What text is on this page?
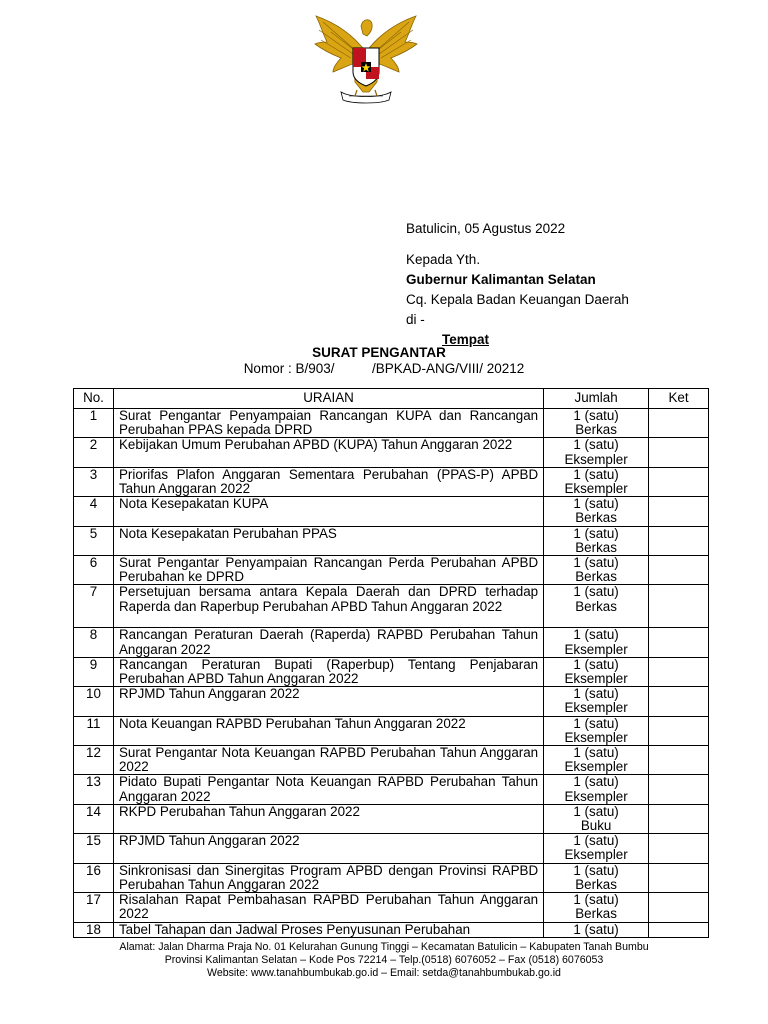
Batulicin, 05 Agustus 2022
Kepada Yth.
Gubernur Kalimantan Selatan
Cq. Kepala Badan Keuangan Daerah
di -
Tempat
SURAT PENGANTAR
Nomor : B/903/          /BPKAD-ANG/VIII/ 20212
No.	URAIAN	Jumlah	Ket
1	Surat Pengantar Penyampaian Rancangan KUPA dan Rancangan Perubahan PPAS kepada DPRD	1 (satu)
Berkas	
2	Kebijakan Umum Perubahan APBD (KUPA) Tahun Anggaran 2022	1 (satu)
Eksempler	
3	Priorifas Plafon Anggaran Sementara Perubahan (PPAS-P) APBD Tahun Anggaran 2022	1 (satu)
Eksempler	
4	Nota Kesepakatan KUPA	1 (satu)
Berkas	
5	Nota Kesepakatan Perubahan PPAS	1 (satu)
Berkas	
6	Surat Pengantar Penyampaian Rancangan Perda Perubahan APBD Perubahan ke DPRD	1 (satu)
Berkas	
7	Persetujuan bersama antara Kepala Daerah dan DPRD terhadap Raperda dan Raperbup Perubahan APBD Tahun Anggaran 2022	1 (satu)
Berkas	
8	Rancangan Peraturan Daerah (Raperda) RAPBD Perubahan Tahun Anggaran 2022	1 (satu)
Eksempler	
9	Rancangan Peraturan Bupati (Raperbup) Tentang Penjabaran Perubahan APBD Tahun Anggaran 2022	1 (satu)
Eksempler	
10	RPJMD Tahun Anggaran 2022	1 (satu)
Eksempler	
11	Nota Keuangan RAPBD Perubahan Tahun Anggaran 2022	1 (satu)
Eksempler	
12	Surat Pengantar Nota Keuangan RAPBD Perubahan Tahun Anggaran 2022	1 (satu)
Eksempler	
13	Pidato Bupati Pengantar Nota Keuangan RAPBD Perubahan Tahun Anggaran 2022	1 (satu)
Eksempler	
14	RKPD Perubahan Tahun Anggaran 2022	1 (satu)
Buku	
15	RPJMD Tahun Anggaran 2022	1 (satu)
Eksempler	
16	Sinkronisasi dan Sinergitas Program APBD dengan Provinsi RAPBD Perubahan Tahun Anggaran 2022	1 (satu)
Berkas	
17	Risalahan Rapat Pembahasan RAPBD Perubahan Tahun Anggaran 2022	1 (satu)
Berkas	
18	Tabel Tahapan dan Jadwal Proses Penyusunan Perubahan	1 (satu)	
Alamat: Jalan Dharma Praja No. 01 Kelurahan Gunung Tinggi – Kecamatan Batulicin – Kabupaten Tanah Bumbu
Provinsi Kalimantan Selatan – Kode Pos 72214 – Telp.(0518) 6076052 – Fax (0518) 6076053
Website: www.tanahbumbukab.go.id – Email: setda@tanahbumbukab.go.id
